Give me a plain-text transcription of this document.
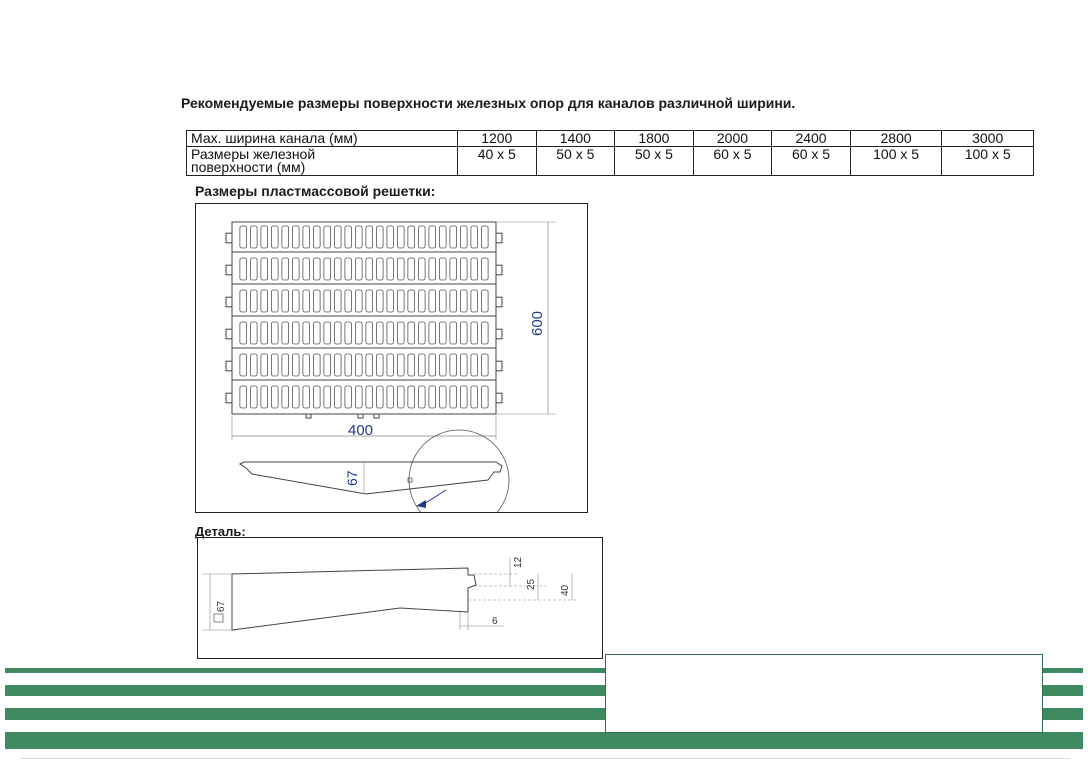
Рекомендуемые размеры поверхности железных опор для каналов различной ширини.
Мах. ширина канала (мм)	1200	1400	1800	2000	2400	2800	3000

Размеры железной
поверхности (мм)	40 x 5	50 x 5	50 x 5	60 x 5	60 x 5	100 x 5	100 x 5
Размеры пластмассовой решетки:
600
400
67
Деталь:
67
12
25
40
6
